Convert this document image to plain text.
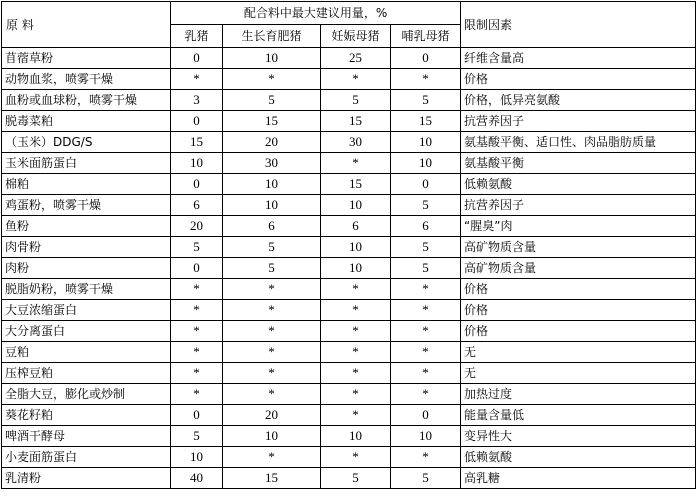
原 料	配合料中最大建议用量，%				限制因素
	乳猪	生长育肥猪	妊娠母猪	哺乳母猪	
苜蓿草粉	0	10	25	0	纤维含量高
动物血浆，喷雾干燥	*	*	*	*	价格
血粉或血球粉，喷雾干燥	3	5	5	5	价格，低异亮氨酸
脱毒菜粕	0	15	15	15	抗营养因子
（玉米）DDG/S	15	20	30	10	氨基酸平衡、适口性、肉品脂肪质量
玉米面筋蛋白	10	30	*	10	氨基酸平衡
棉粕	0	10	15	0	低赖氨酸
鸡蛋粉，喷雾干燥	6	10	10	5	抗营养因子
鱼粉	20	6	6	6	“腥臭”肉
肉骨粉	5	5	10	5	高矿物质含量
肉粉	0	5	10	5	高矿物质含量
脱脂奶粉，喷雾干燥	*	*	*	*	价格
大豆浓缩蛋白	*	*	*	*	价格
大分离蛋白	*	*	*	*	价格
豆粕	*	*	*	*	无
压榨豆粕	*	*	*	*	无
全脂大豆，膨化或炒制	*	*	*	*	加热过度
葵花籽粕	0	20	*	0	能量含量低
啤酒干酵母	5	10	10	10	变异性大
小麦面筋蛋白	10	*	*	*	低赖氨酸
乳清粉	40	15	5	5	高乳糖
